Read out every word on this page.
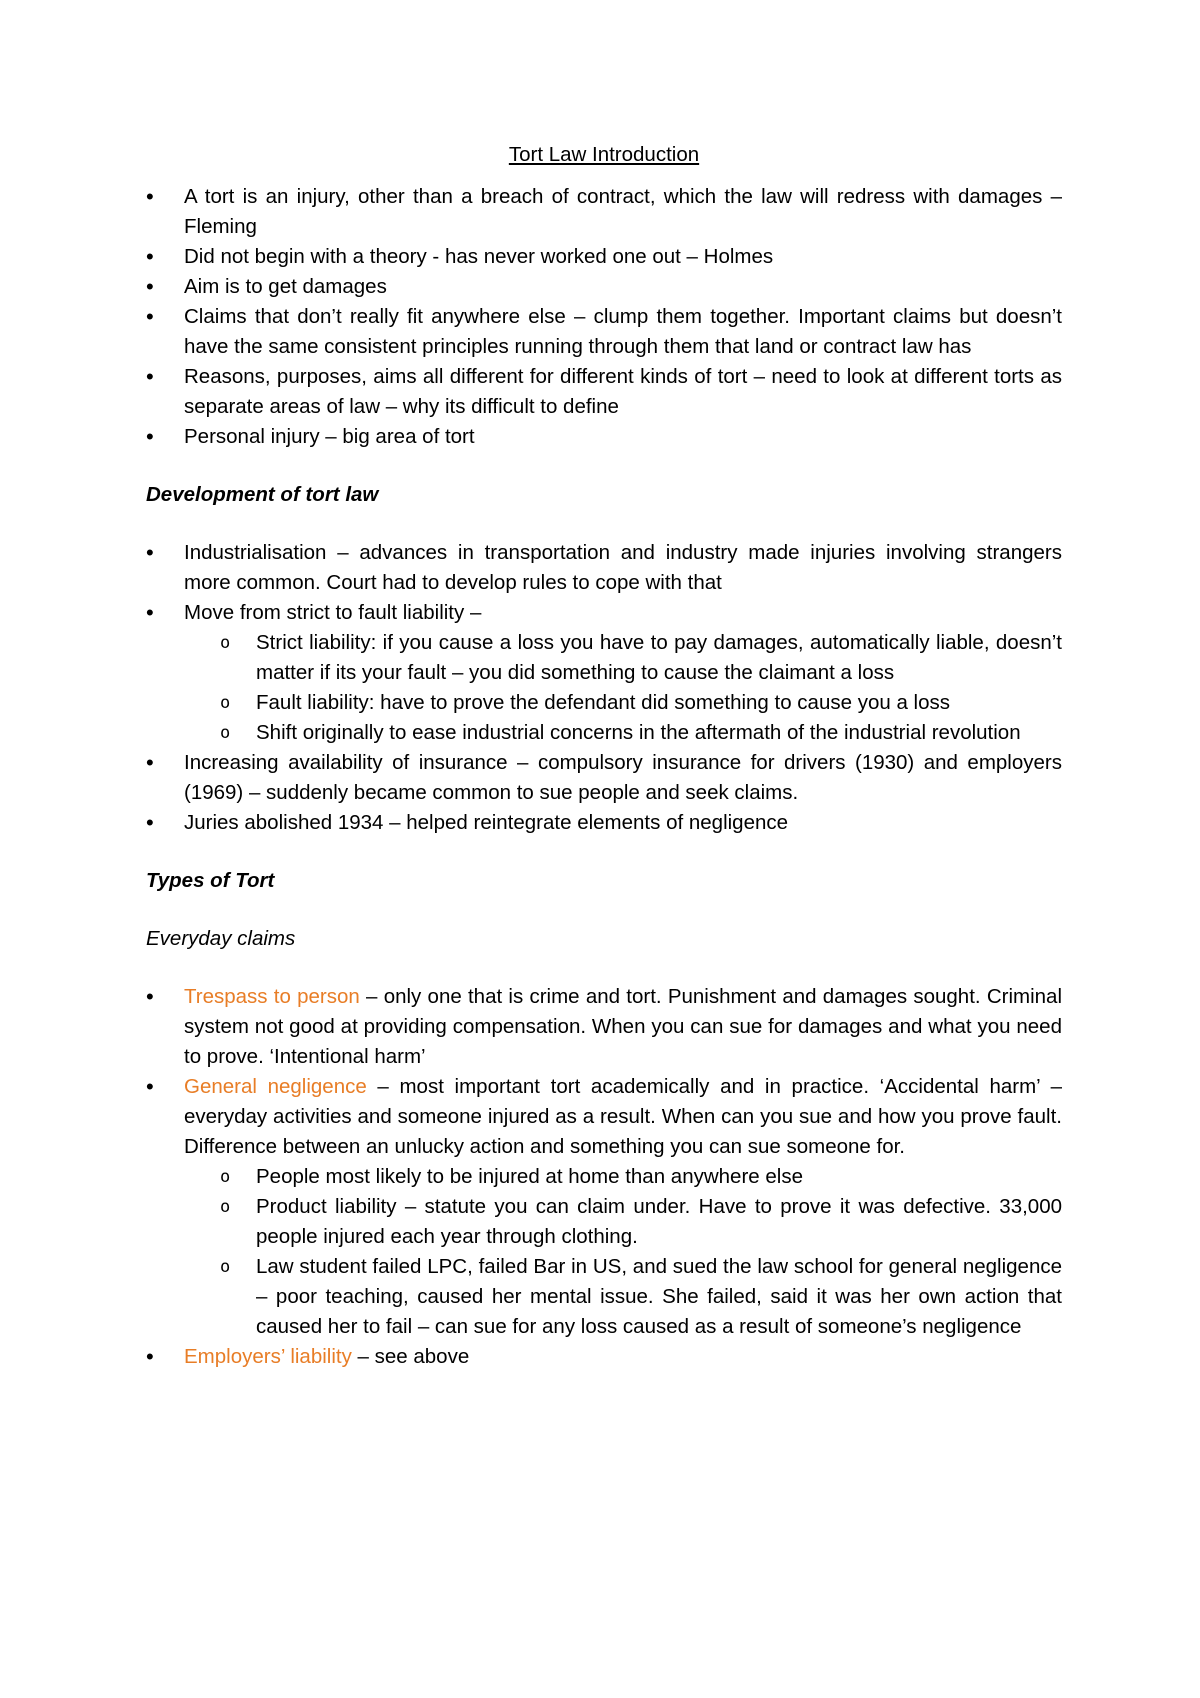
Tort Law Introduction
• A tort is an injury, other than a breach of contract, which the law will redress with damages – Fleming
• Did not begin with a theory - has never worked one out – Holmes
• Aim is to get damages
• Claims that don’t really fit anywhere else – clump them together. Important claims but doesn’t have the same consistent principles running through them that land or contract law has
• Reasons, purposes, aims all different for different kinds of tort – need to look at different torts as separate areas of law – why its difficult to define
• Personal injury – big area of tort
Development of tort law
• Industrialisation – advances in transportation and industry made injuries involving strangers more common. Court had to develop rules to cope with that
• Move from strict to fault liability –
o Strict liability: if you cause a loss you have to pay damages, automatically liable, doesn’t matter if its your fault – you did something to cause the claimant a loss
o Fault liability: have to prove the defendant did something to cause you a loss
o Shift originally to ease industrial concerns in the aftermath of the industrial revolution
• Increasing availability of insurance – compulsory insurance for drivers (1930) and employers (1969) – suddenly became common to sue people and seek claims.
• Juries abolished 1934 – helped reintegrate elements of negligence
Types of Tort
Everyday claims
• Trespass to person – only one that is crime and tort. Punishment and damages sought. Criminal system not good at providing compensation. When you can sue for damages and what you need to prove. ‘Intentional harm’
• General negligence – most important tort academically and in practice. ‘Accidental harm’ – everyday activities and someone injured as a result. When can you sue and how you prove fault. Difference between an unlucky action and something you can sue someone for.
o People most likely to be injured at home than anywhere else
o Product liability – statute you can claim under. Have to prove it was defective. 33,000 people injured each year through clothing.
o Law student failed LPC, failed Bar in US, and sued the law school for general negligence – poor teaching, caused her mental issue. She failed, said it was her own action that caused her to fail – can sue for any loss caused as a result of someone’s negligence
• Employers’ liability – see above
